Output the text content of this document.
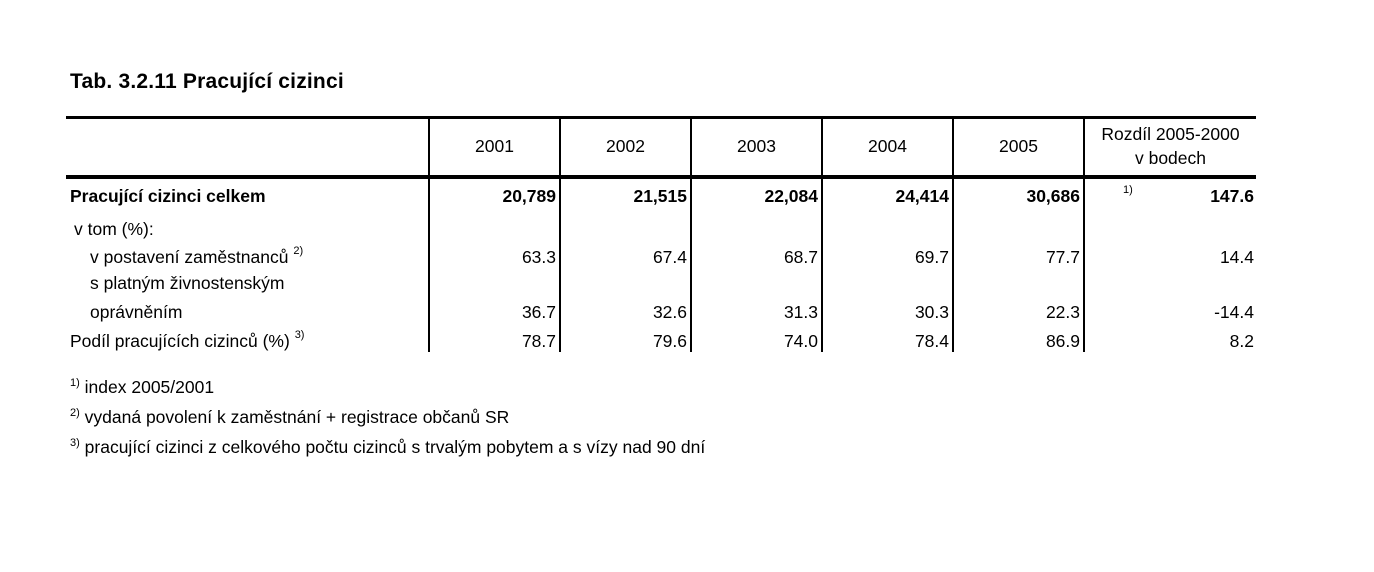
Tab. 3.2.11 Pracující cizinci
	2001	2002	2003	2004	2005	Rozdíl 2005-2000
v bodech

Pracující cizinci celkem	20,789	21,515	22,084	24,414	30,686	1) 147.6
v tom (%):						
v postavení zaměstnanců $^{2)}$	63.3	67.4	68.7	69.7	77.7	14.4
s platným živnostenským						
oprávněním	36.7	32.6	31.3	30.3	22.3	-14.4
Podíl pracujících cizinců (%) $^{3)}$	78.7	79.6	74.0	78.4	86.9	8.2
$^{1)}$ index 2005/2001
$^{2)}$ vydaná povolení k zaměstnání + registrace občanů SR
$^{3)}$ pracující cizinci z celkového počtu cizinců s trvalým pobytem a s vízy nad 90 dní
